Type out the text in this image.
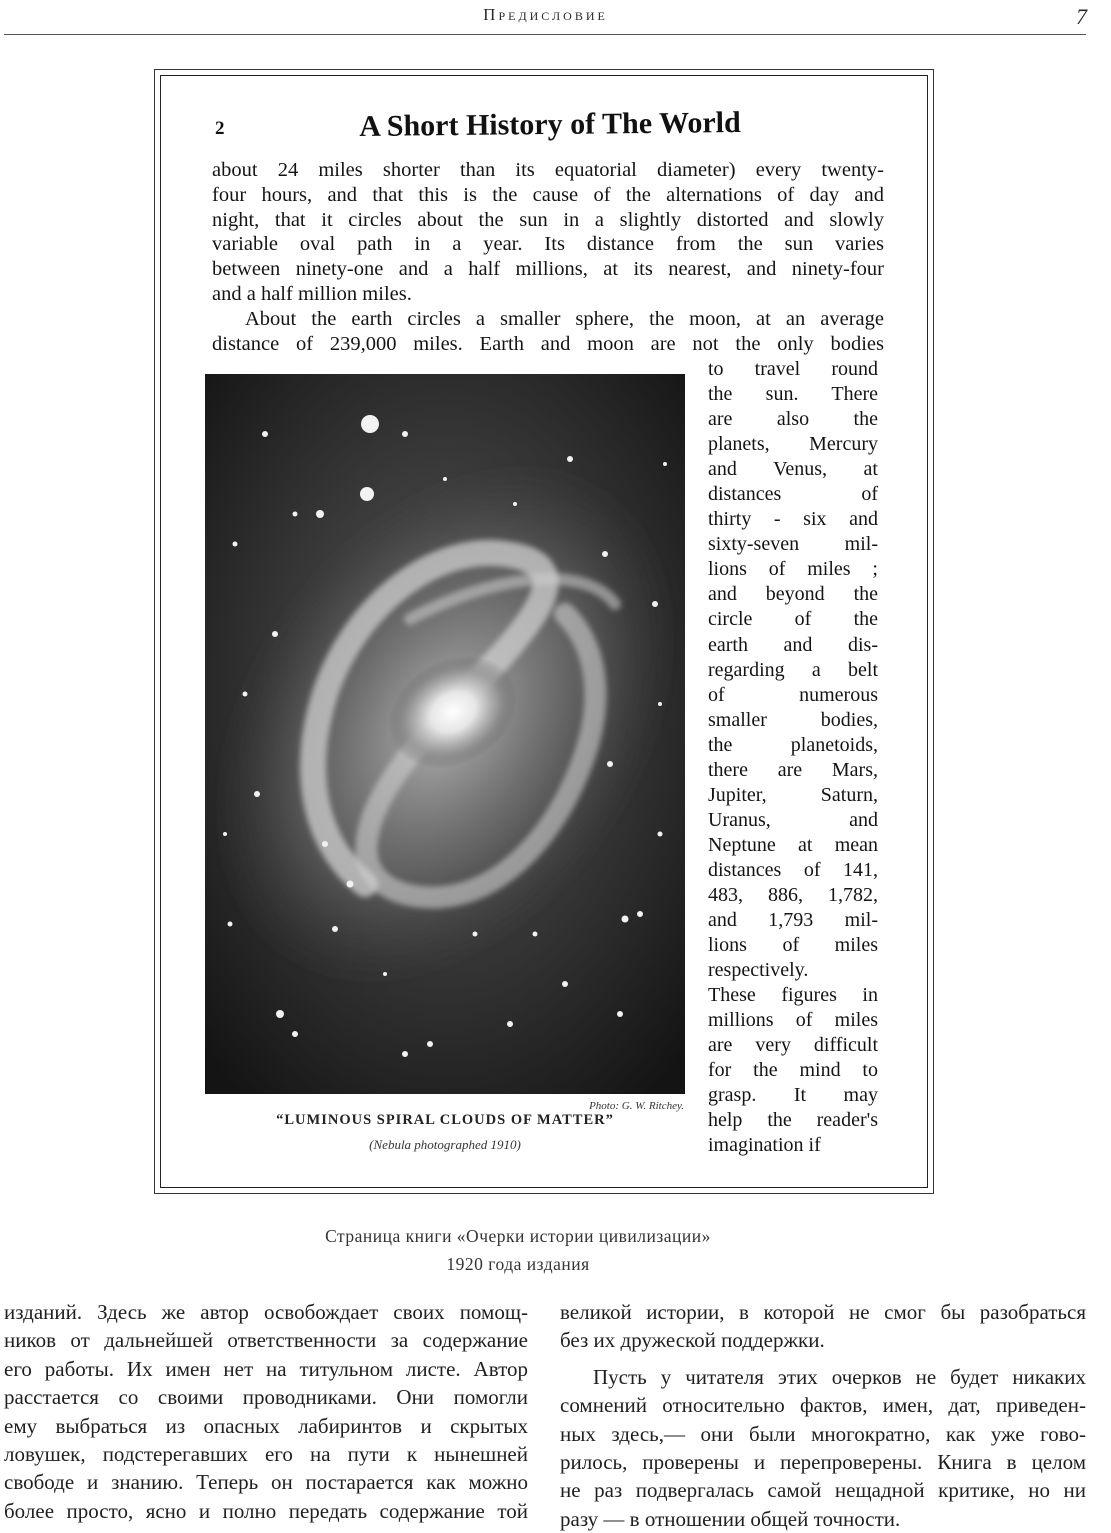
Предисловие	7
2	A Short History of The World
about 24 miles shorter than its equatorial diameter) every twenty-
four hours, and that this is the cause of the alternations of day and
night, that it circles about the sun in a slightly distorted and slowly
variable oval path in a year. Its distance from the sun varies
between ninety-one and a half millions, at its nearest, and ninety-four
and a half million miles.
About the earth circles a smaller sphere, the moon, at an average
distance of 239,000 miles. Earth and moon are not the only bodies
Photo: G. W. Ritchey.
“LUMINOUS SPIRAL CLOUDS OF MATTER”
(Nebula photographed 1910)
to travel round
the sun. There
are also the
planets, Mercury
and Venus, at
distances of
thirty - six and
sixty-seven mil-
lions of miles ;
and beyond the
circle of the
earth and dis-
regarding a belt
of numerous
smaller bodies,
the planetoids,
there are Mars,
Jupiter, Saturn,
Uranus, and
Neptune at mean
distances of 141,
483, 886, 1,782,
and 1,793 mil-
lions of miles
respectively.
These figures in
millions of miles
are very difficult
for the mind to
grasp. It may
help the reader's
imagination if
Страница книги «Очерки истории цивилизации»
1920 года издания
изданий. Здесь же автор освобождает своих помощ-
ников от дальнейшей ответственности за содержание
его работы. Их имен нет на титульном листе. Автор
расстается со своими проводниками. Они помогли
ему выбраться из опасных лабиринтов и скрытых
ловушек, подстерегавших его на пути к нынешней
свободе и знанию. Теперь он постарается как можно
более просто, ясно и полно передать содержание той
великой истории, в которой не смог бы разобраться
без их дружеской поддержки.
Пусть у читателя этих очерков не будет никаких
сомнений относительно фактов, имен, дат, приведен-
ных здесь,— они были многократно, как уже гово-
рилось, проверены и перепроверены. Книга в целом
не раз подвергалась самой нещадной критике, но ни
разу — в отношении общей точности.
